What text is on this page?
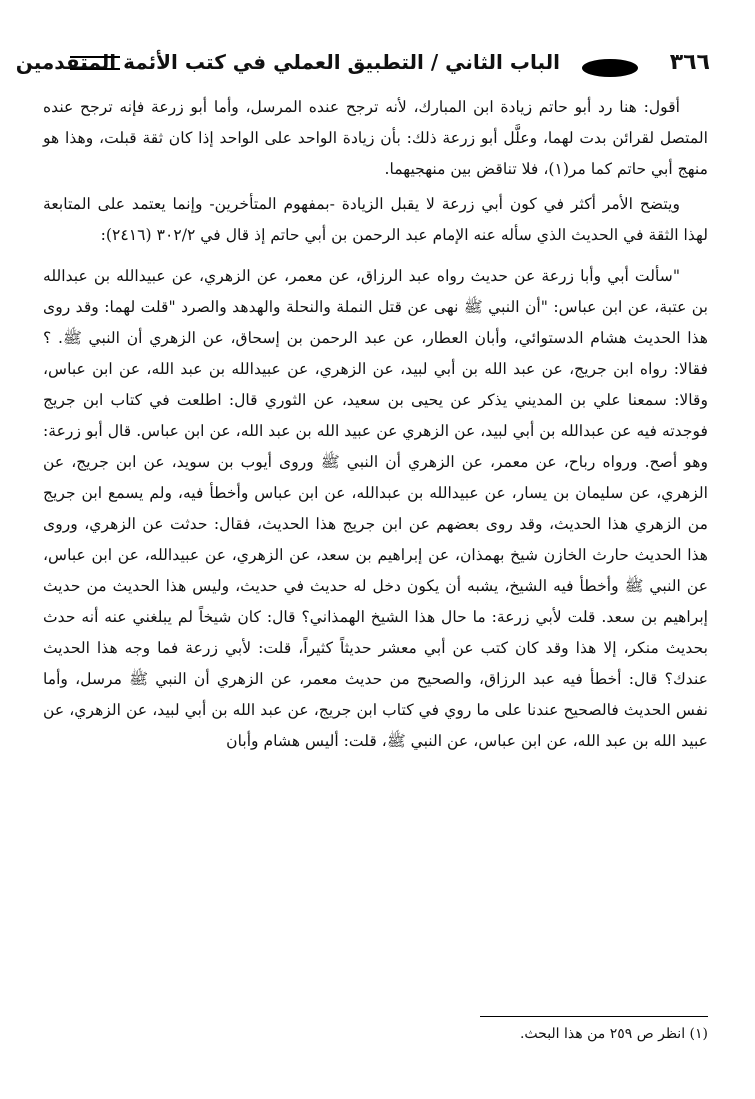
٣٦٦
الباب الثاني / التطبيق العملي في كتب الأئمة المتقدمين

أقول: هنا رد أبو حاتم زيادة ابن المبارك، لأنه ترجح عنده المرسل، وأما أبو زرعة فإنه ترجح عنده المتصل لقرائن بدت لهما، وعلَّل أبو زرعة ذلك: بأن زيادة الواحد على الواحد إذا كان ثقة قبلت، وهذا هو منهج أبي حاتم كما مر(١)، فلا تناقض بين منهجيهما.

ويتضح الأمر أكثر في كون أبي زرعة لا يقبل الزيادة -بمفهوم المتأخرين- وإنما يعتمد على المتابعة لهذا الثقة في الحديث الذي سأله عنه الإمام عبد الرحمن بن أبي حاتم إذ قال في ٣٠٢/٢ (٢٤١٦):

"سألت أبي وأبا زرعة عن حديث رواه عبد الرزاق، عن معمر، عن الزهري، عن عبيدالله بن عبدالله بن عتبة، عن ابن عباس: "أن النبي ﷺ نهى عن قتل النملة والنحلة والهدهد والصرد "قلت لهما: وقد روى هذا الحديث هشام الدستوائي، وأبان العطار، عن عبد الرحمن بن إسحاق، عن الزهري أن النبي ﷺ. ؟ فقالا: رواه ابن جريج، عن عبد الله بن أبي لبيد، عن الزهري، عن عبيدالله بن عبد الله، عن ابن عباس، وقالا: سمعنا علي بن المديني يذكر عن يحيى بن سعيد، عن الثوري قال: اطلعت في كتاب ابن جريج فوجدته فيه عن عبدالله بن أبي لبيد، عن الزهري عن عبيد الله بن عبد الله، عن ابن عباس. قال أبو زرعة: وهو أصح. ورواه رباح، عن معمر، عن الزهري أن النبي ﷺ وروى أيوب بن سويد، عن ابن جريج، عن الزهري، عن سليمان بن يسار، عن عبيدالله بن عبدالله، عن ابن عباس وأخطأ فيه، ولم يسمع ابن جريج من الزهري هذا الحديث، وقد روى بعضهم عن ابن جريج هذا الحديث، فقال: حدثت عن الزهري، وروى هذا الحديث حارث الخازن شيخ بهمذان، عن إبراهيم بن سعد، عن الزهري، عن عبيدالله، عن ابن عباس، عن النبي ﷺ وأخطأ فيه الشيخ، يشبه أن يكون دخل له حديث في حديث، وليس هذا الحديث من حديث إبراهيم بن سعد. قلت لأبي زرعة: ما حال هذا الشيخ الهمذاني؟ قال: كان شيخاً لم يبلغني عنه أنه حدث بحديث منكر، إلا هذا وقد كان كتب عن أبي معشر حديثاً كثيراً، قلت: لأبي زرعة فما وجه هذا الحديث عندك؟ قال: أخطأ فيه عبد الرزاق، والصحيح من حديث معمر، عن الزهري أن النبي ﷺ مرسل، وأما نفس الحديث فالصحيح عندنا على ما روي في كتاب ابن جريج، عن عبد الله بن أبي لبيد، عن الزهري، عن عبيد الله بن عبد الله، عن ابن عباس، عن النبي ﷺ، قلت: أليس هشام وأبان

(١) انظر ص ٢٥٩ من هذا البحث.
